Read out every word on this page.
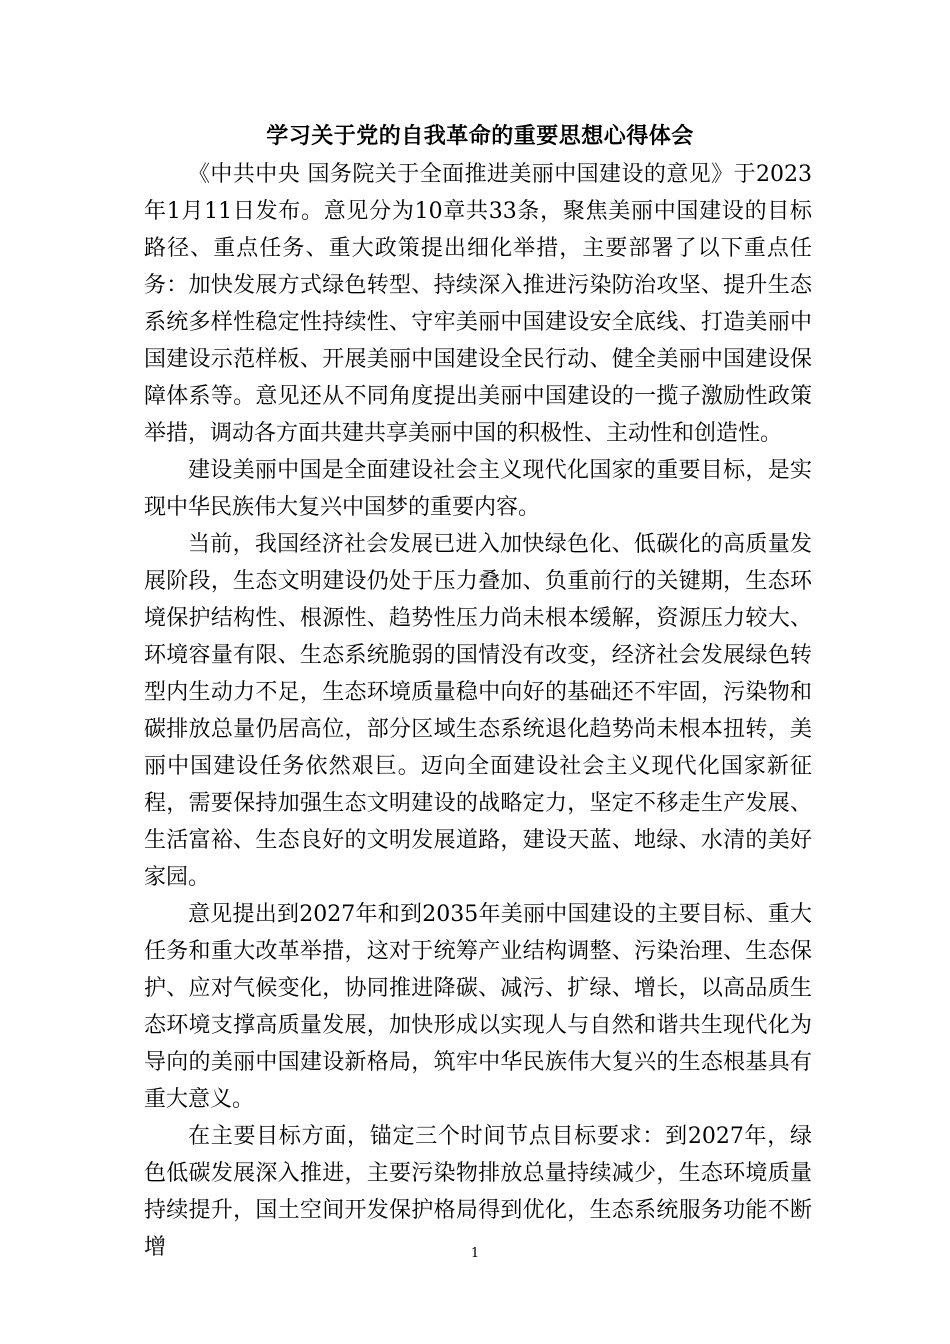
学习关于党的自我革命的重要思想心得体会

《中共中央 国务院关于全面推进美丽中国建设的意见》于2023年1月11日发布。意见分为10章共33条，聚焦美丽中国建设的目标路径、重点任务、重大政策提出细化举措，主要部署了以下重点任务：加快发展方式绿色转型、持续深入推进污染防治攻坚、提升生态系统多样性稳定性持续性、守牢美丽中国建设安全底线、打造美丽中国建设示范样板、开展美丽中国建设全民行动、健全美丽中国建设保障体系等。意见还从不同角度提出美丽中国建设的一揽子激励性政策举措，调动各方面共建共享美丽中国的积极性、主动性和创造性。

建设美丽中国是全面建设社会主义现代化国家的重要目标，是实现中华民族伟大复兴中国梦的重要内容。

当前，我国经济社会发展已进入加快绿色化、低碳化的高质量发展阶段，生态文明建设仍处于压力叠加、负重前行的关键期，生态环境保护结构性、根源性、趋势性压力尚未根本缓解，资源压力较大、环境容量有限、生态系统脆弱的国情没有改变，经济社会发展绿色转型内生动力不足，生态环境质量稳中向好的基础还不牢固，污染物和碳排放总量仍居高位，部分区域生态系统退化趋势尚未根本扭转，美丽中国建设任务依然艰巨。迈向全面建设社会主义现代化国家新征程，需要保持加强生态文明建设的战略定力，坚定不移走生产发展、生活富裕、生态良好的文明发展道路，建设天蓝、地绿、水清的美好家园。

意见提出到2027年和到2035年美丽中国建设的主要目标、重大任务和重大改革举措，这对于统筹产业结构调整、污染治理、生态保护、应对气候变化，协同推进降碳、减污、扩绿、增长，以高品质生态环境支撑高质量发展，加快形成以实现人与自然和谐共生现代化为导向的美丽中国建设新格局，筑牢中华民族伟大复兴的生态根基具有重大意义。

在主要目标方面，锚定三个时间节点目标要求：到2027年，绿色低碳发展深入推进，主要污染物排放总量持续减少，生态环境质量持续提升，国土空间开发保护格局得到优化，生态系统服务功能不断增	1
